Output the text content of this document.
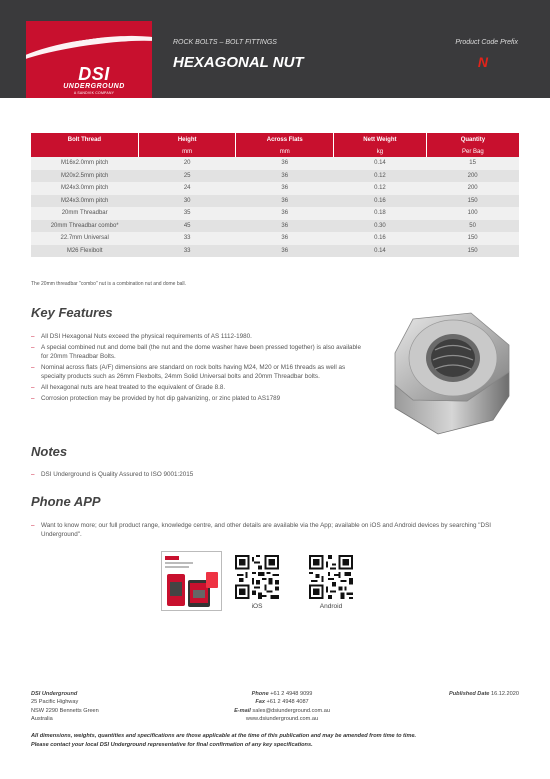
DSI
UNDERGROUND
A SANDVIK COMPANY
ROCK BOLTS – BOLT FITTINGS
HEXAGONAL NUT
Product Code Prefix
N
Bolt Thread	Height	Across Flats	Nett Weight	Quantity
	mm	mm	kg	Per Bag
M16x2.0mm pitch	20	36	0.14	15
M20x2.5mm pitch	25	36	0.12	200
M24x3.0mm pitch	24	36	0.12	200
M24x3.0mm pitch	30	36	0.16	150
20mm Threadbar	35	36	0.18	100
20mm Threadbar combo*	45	36	0.30	50
22.7mm Universal	33	36	0.16	150
M26 Flexibolt	33	36	0.14	150
The 20mm threadbar "combo" nut is a combination nut and dome ball.
Key Features
– All DSI Hexagonal Nuts exceed the physical requirements of AS 1112-1980.
– A special combined nut and dome ball (the nut and the dome washer have been pressed together) is also available for 20mm Threadbar Bolts.
– Nominal across flats (A/F) dimensions are standard on rock bolts having M24, M20 or M16 threads as well as specialty products such as 26mm Flexbolts, 24mm Solid Universal bolts and 20mm Threadbar bolts.
– All hexagonal nuts are heat treated to the equivalent of Grade 8.8.
– Corrosion protection may be provided by hot dip galvanizing, or zinc plated to AS1789
Notes
– DSI Underground is Quality Assured to ISO 9001:2015
Phone APP
– Want to know more; our full product range, knowledge centre, and other details are available via the App; available on iOS and Android devices by searching "DSI Underground".
iOS	Android
DSI Underground
25 Pacific Highway
NSW 2290 Bennetts Green
Australia
Phone +61 2 4948 9099
Fax +61 2 4948 4087
E-mail sales@dsiunderground.com.au
www.dsiunderground.com.au
Published Date 16.12.2020
All dimensions, weights, quantities and specifications are those applicable at the time of this publication and may be amended from time to time.
Please contact your local DSI Underground representative for final confirmation of any key specifications.
